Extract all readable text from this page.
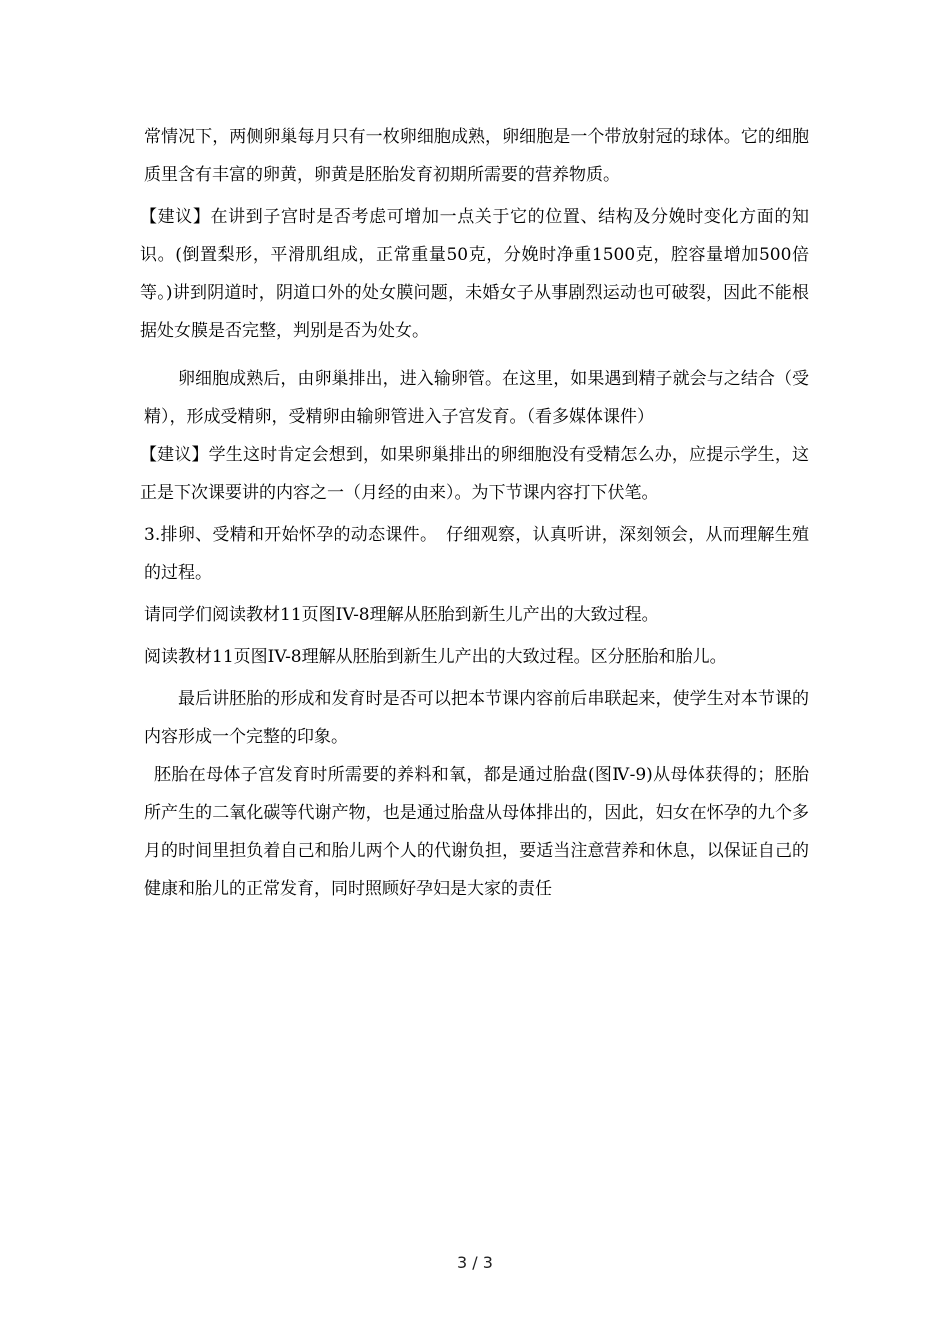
常情况下，两侧卵巢每月只有一枚卵细胞成熟，卵细胞是一个带放射冠的球体。它的细胞质里含有丰富的卵黄，卵黄是胚胎发育初期所需要的营养物质。

【建议】在讲到子宫时是否考虑可增加一点关于它的位置、结构及分娩时变化方面的知识。(倒置梨形，平滑肌组成，正常重量50克，分娩时净重1500克，腔容量增加500倍等。)讲到阴道时，阴道口外的处女膜问题，未婚女子从事剧烈运动也可破裂，因此不能根据处女膜是否完整，判别是否为处女。

卵细胞成熟后，由卵巢排出，进入输卵管。在这里，如果遇到精子就会与之结合（受精），形成受精卵，受精卵由输卵管进入子宫发育。（看多媒体课件）

【建议】学生这时肯定会想到，如果卵巢排出的卵细胞没有受精怎么办，应提示学生，这正是下次课要讲的内容之一（月经的由来）。为下节课内容打下伏笔。

3.排卵、受精和开始怀孕的动态课件。　仔细观察，认真听讲，深刻领会，从而理解生殖的过程。

请同学们阅读教材11页图IV-8理解从胚胎到新生儿产出的大致过程。

阅读教材11页图IV-8理解从胚胎到新生儿产出的大致过程。区分胚胎和胎儿。

最后讲胚胎的形成和发育时是否可以把本节课内容前后串联起来，使学生对本节课的内容形成一个完整的印象。

胚胎在母体子宫发育时所需要的养料和氧，都是通过胎盘(图Ⅳ-9)从母体获得的；胚胎所产生的二氧化碳等代谢产物，也是通过胎盘从母体排出的，因此，妇女在怀孕的九个多月的时间里担负着自己和胎儿两个人的代谢负担，要适当注意营养和休息，以保证自己的健康和胎儿的正常发育，同时照顾好孕妇是大家的责任

3 / 3
